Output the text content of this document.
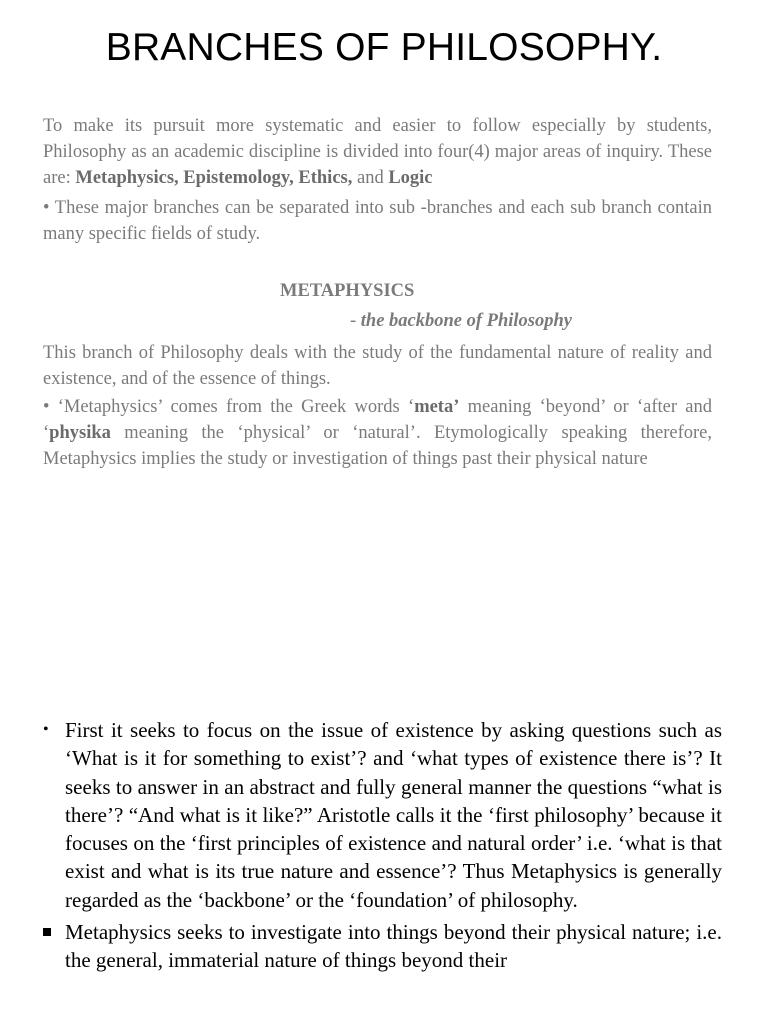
BRANCHES OF PHILOSOPHY.

To make its pursuit more systematic and easier to follow especially by students, Philosophy as an academic discipline is divided into four(4) major areas of inquiry. These are: Metaphysics, Epistemology, Ethics, and Logic

• These major branches can be separated into sub -branches and each sub branch contain many specific fields of study.

METAPHYSICS
- the backbone of Philosophy

This branch of Philosophy deals with the study of the fundamental nature of reality and existence, and of the essence of things.

• ‘Metaphysics’ comes from the Greek words ‘meta’ meaning ‘beyond’ or ‘after and ‘physika meaning the ‘physical’ or ‘natural’. Etymologically speaking therefore, Metaphysics implies the study or investigation of things past their physical nature

• First it seeks to focus on the issue of existence by asking questions such as ‘What is it for something to exist’? and ‘what types of existence there is’? It seeks to answer in an abstract and fully general manner the questions “what is there’? “And what is it like?” Aristotle calls it the ‘first philosophy’ because it focuses on the ‘first principles of existence and natural order’ i.e. ‘what is that exist and what is its true nature and essence’? Thus Metaphysics is generally regarded as the ‘backbone’ or the ‘foundation’ of philosophy.
Metaphysics seeks to investigate into things beyond their physical nature; i.e. the general, immaterial nature of things beyond their
